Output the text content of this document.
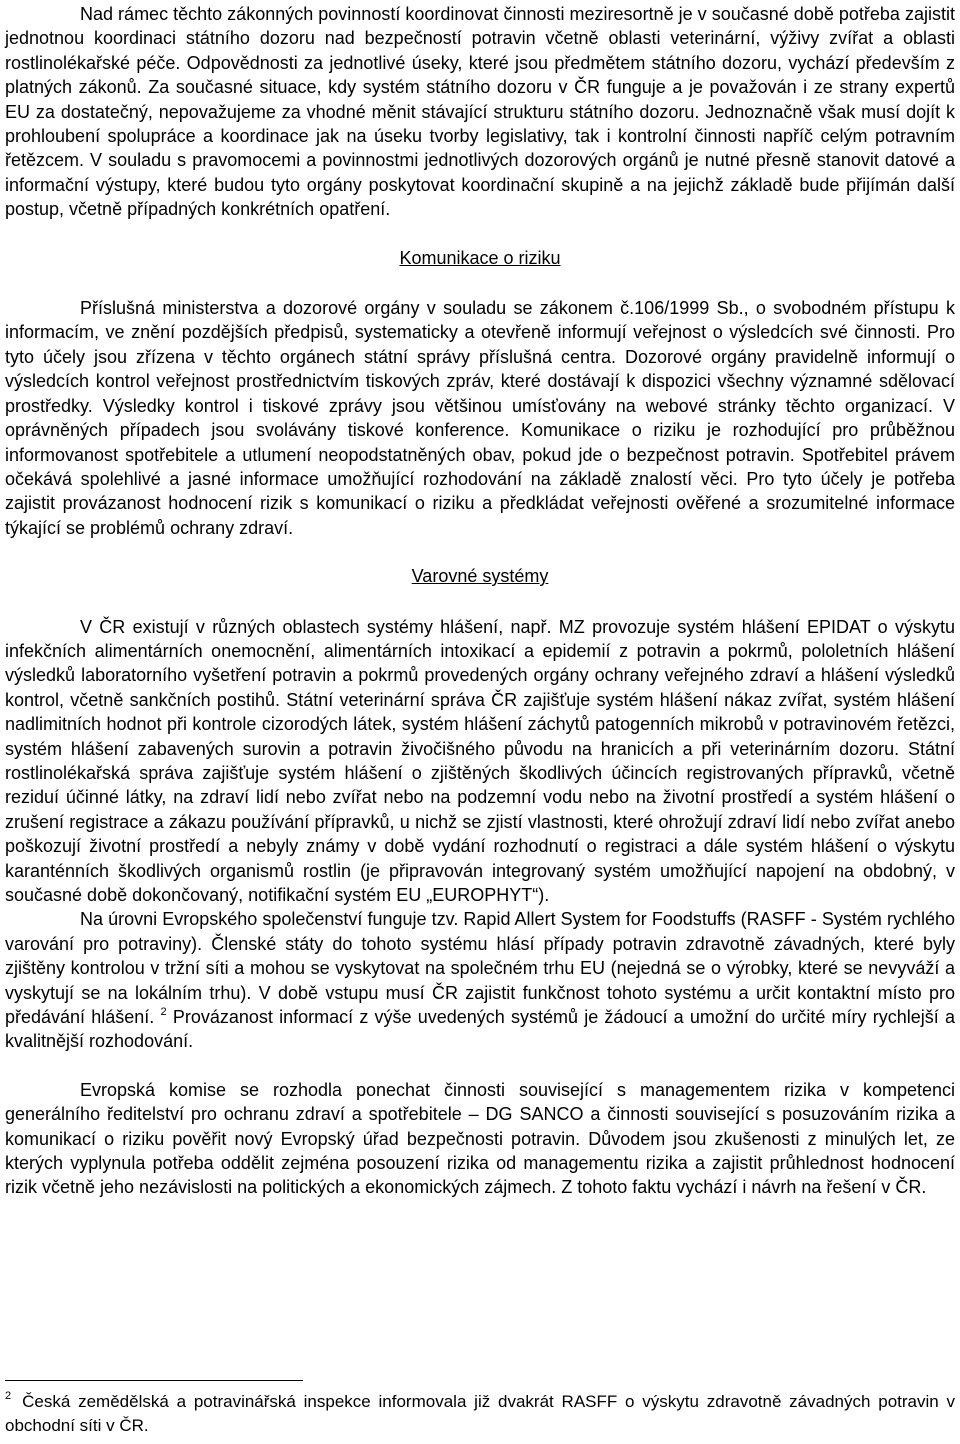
Nad rámec těchto zákonných povinností koordinovat činnosti meziresortně je v současné době potřeba zajistit jednotnou koordinaci státního dozoru nad bezpečností potravin včetně oblasti veterinární, výživy zvířat a oblasti rostlinolékařské péče. Odpovědnosti za jednotlivé úseky, které jsou předmětem státního dozoru, vychází především z platných zákonů. Za současné situace, kdy systém státního dozoru v ČR funguje a je považován i ze strany expertů EU za dostatečný, nepovažujeme za vhodné měnit stávající strukturu státního dozoru. Jednoznačně však musí dojít k prohloubení spolupráce a koordinace jak na úseku tvorby legislativy, tak i kontrolní činnosti napříč celým potravním řetězcem. V souladu s pravomocemi a povinnostmi jednotlivých dozorových orgánů je nutné přesně stanovit datové a informační výstupy, které budou tyto orgány poskytovat koordinační skupině a na jejichž základě bude přijímán další postup, včetně případných konkrétních opatření.

Komunikace o riziku

Příslušná ministerstva a dozorové orgány v souladu se zákonem č.106/1999 Sb., o svobodném přístupu k informacím, ve znění pozdějších předpisů, systematicky a otevřeně informují veřejnost o výsledcích své činnosti. Pro tyto účely jsou zřízena v těchto orgánech státní správy příslušná centra. Dozorové orgány pravidelně informují o výsledcích kontrol veřejnost prostřednictvím tiskových zpráv, které dostávají k dispozici všechny významné sdělovací prostředky. Výsledky kontrol i tiskové zprávy jsou většinou umísťovány na webové stránky těchto organizací. V oprávněných případech jsou svolávány tiskové konference. Komunikace o riziku je rozhodující pro průběžnou informovanost spotřebitele a utlumení neopodstatněných obav, pokud jde o bezpečnost potravin. Spotřebitel právem očekává spolehlivé a jasné informace umožňující rozhodování na základě znalostí věci. Pro tyto účely je potřeba zajistit provázanost hodnocení rizik s komunikací o riziku a předkládat veřejnosti ověřené a srozumitelné informace týkající se problémů ochrany zdraví.

Varovné systémy

V ČR existují v různých oblastech systémy hlášení, např. MZ provozuje systém hlášení EPIDAT o výskytu infekčních alimentárních onemocnění, alimentárních intoxikací a epidemií z potravin a pokrmů, pololetních hlášení výsledků laboratorního vyšetření potravin a pokrmů provedených orgány ochrany veřejného zdraví a hlášení výsledků kontrol, včetně sankčních postihů. Státní veterinární správa ČR zajišťuje systém hlášení nákaz zvířat, systém hlášení nadlimitních hodnot při kontrole cizorodých látek, systém hlášení záchytů patogenních mikrobů v potravinovém řetězci, systém hlášení zabavených surovin a potravin živočišného původu na hranicích a při veterinárním dozoru. Státní rostlinolékařská správa zajišťuje systém hlášení o zjištěných škodlivých účincích registrovaných přípravků, včetně reziduí účinné látky, na zdraví lidí nebo zvířat nebo na podzemní vodu nebo na životní prostředí a systém hlášení o zrušení registrace a zákazu používání přípravků, u nichž se zjistí vlastnosti, které ohrožují zdraví lidí nebo zvířat anebo poškozují životní prostředí a nebyly známy v době vydání rozhodnutí o registraci a dále systém hlášení o výskytu karanténních škodlivých organismů rostlin (je připravován integrovaný systém umožňující napojení na obdobný, v současné době dokončovaný, notifikační systém EU „EUROPHYT“).

Na úrovni Evropského společenství funguje tzv. Rapid Allert System for Foodstuffs (RASFF - Systém rychlého varování pro potraviny). Členské státy do tohoto systému hlásí případy potravin zdravotně závadných, které byly zjištěny kontrolou v tržní síti a mohou se vyskytovat na společném trhu EU (nejedná se o výrobky, které se nevyváží a vyskytují se na lokálním trhu). V době vstupu musí ČR zajistit funkčnost tohoto systému a určit kontaktní místo pro předávání hlášení. $^2$ Provázanost informací z výše uvedených systémů je žádoucí a umožní do určité míry rychlejší a kvalitnější rozhodování.

Evropská komise se rozhodla ponechat činnosti související s managementem rizika v kompetenci generálního ředitelství pro ochranu zdraví a spotřebitele – DG SANCO a činnosti související s posuzováním rizika a komunikací o riziku pověřit nový Evropský úřad bezpečnosti potravin. Důvodem jsou zkušenosti z minulých let, ze kterých vyplynula potřeba oddělit zejména posouzení rizika od managementu rizika a zajistit průhlednost hodnocení rizik včetně jeho nezávislosti na politických a ekonomických zájmech. Z tohoto faktu vychází i návrh na řešení v ČR.

$^2$ Česká zemědělská a potravinářská inspekce informovala již dvakrát RASFF o výskytu zdravotně závadných potravin v obchodní síti v ČR.
